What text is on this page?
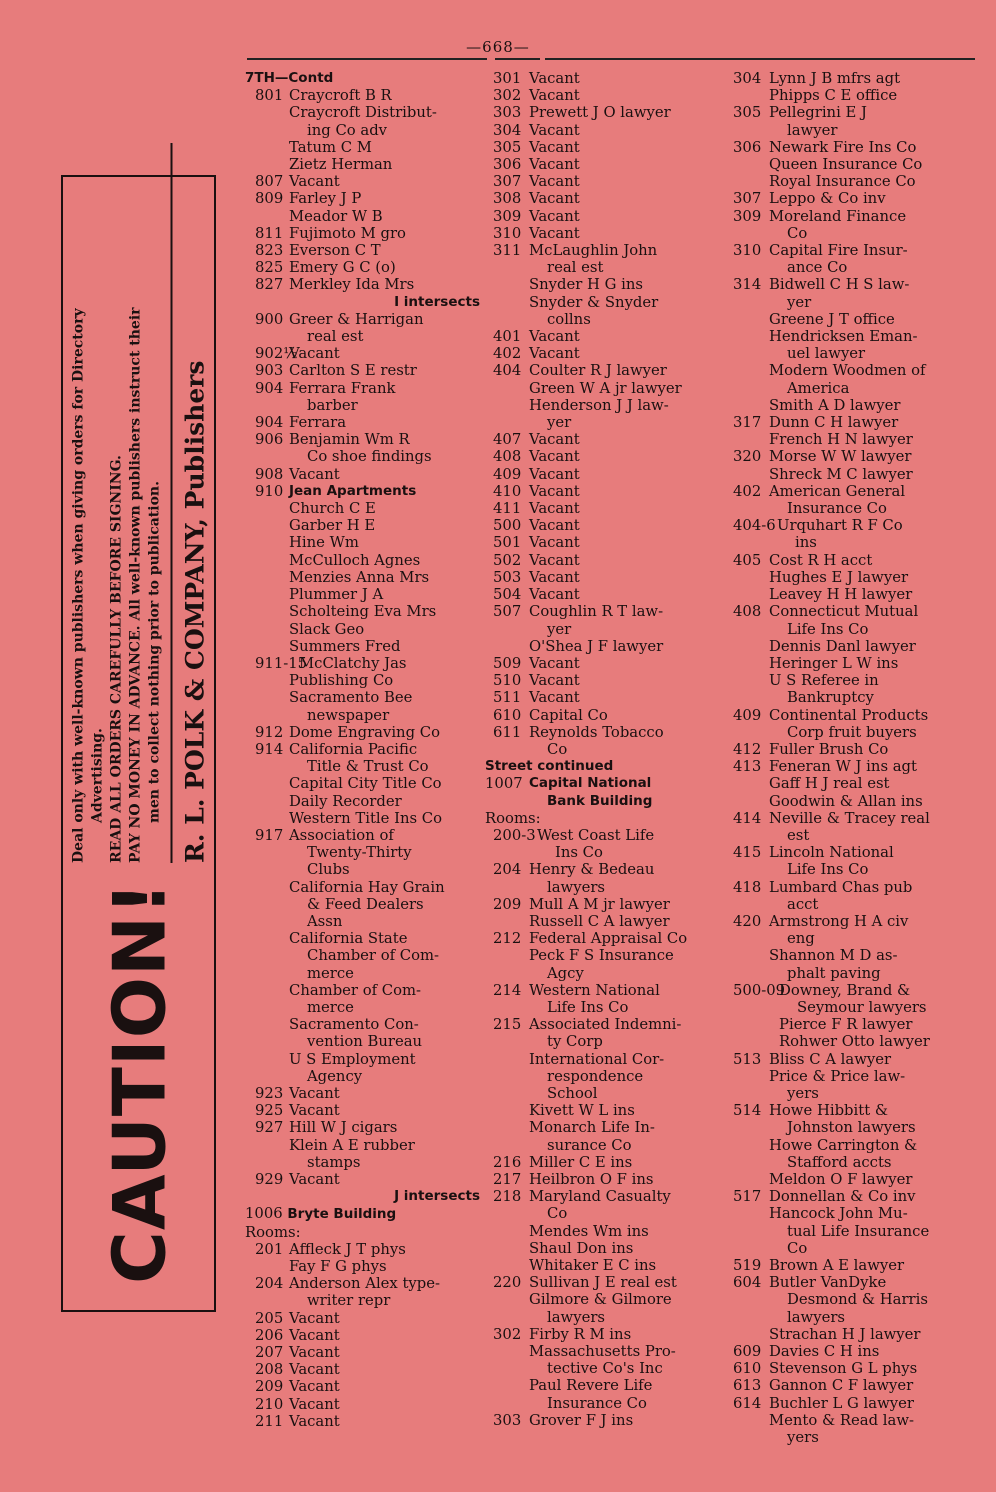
—668—
CAUTION!
Deal only with well-known publishers when giving orders for Directory Advertising. READ ALL ORDERS CAREFULLY BEFORE SIGNING. PAY NO MONEY IN ADVANCE. All well-known publishers instruct their men to collect nothing prior to publication. R. L. POLK & COMPANY, Publishers
7TH—Contd
801 Craycroft B R
Craycroft Distribut-
ing Co adv
Tatum C M
Zietz Herman
807 Vacant
809 Farley J P
Meador W B
811 Fujimoto M gro
823 Everson C T
825 Emery G C (o)
827 Merkley Ida Mrs
I intersects
900 Greer & Harrigan
real est
902½
Vacant
903 Carlton S E restr
904 Ferrara Frank
barber
904 Ferrara
906 Benjamin Wm R
Co shoe findings
908 Vacant
910 Jean Apartments
Church C E
Garber H E
Hine Wm
McCulloch Agnes
Menzies Anna Mrs
Plummer J A
Scholteing Eva Mrs
Slack Geo
Summers Fred
911-15
McClatchy Jas
Publishing Co
Sacramento Bee
newspaper
912 Dome Engraving Co
914 California Pacific
Title & Trust Co
Capital City Title Co
Daily Recorder
Western Title Ins Co
917 Association of
Twenty-Thirty
Clubs
California Hay Grain
& Feed Dealers
Assn
California State
Chamber of Com-
merce
Chamber of Com-
merce
Sacramento Con-
vention Bureau
U S Employment
Agency
923 Vacant
925 Vacant
927 Hill W J cigars
Klein A E rubber
stamps
929 Vacant
J intersects
1006 Bryte Building
Rooms:
201 Affleck J T phys
Fay F G phys
204 Anderson Alex type-
writer repr
205 Vacant
206 Vacant
207 Vacant
208 Vacant
209 Vacant
210 Vacant
211 Vacant
301 Vacant
302 Vacant
303 Prewett J O lawyer
304 Vacant
305 Vacant
306 Vacant
307 Vacant
308 Vacant
309 Vacant
310 Vacant
311 McLaughlin John
real est
Snyder H G ins
Snyder & Snyder
collns
401 Vacant
402 Vacant
404 Coulter R J lawyer
Green W A jr lawyer
Henderson J J law-
yer
407 Vacant
408 Vacant
409 Vacant
410 Vacant
411 Vacant
500 Vacant
501 Vacant
502 Vacant
503 Vacant
504 Vacant
507 Coughlin R T law-
yer
O'Shea J F lawyer
509 Vacant
510 Vacant
511 Vacant
610 Capital Co
611 Reynolds Tobacco
Co
Street continued
1007 Capital National
Bank Building
Rooms:
200-3 West Coast Life
Ins Co
204 Henry & Bedeau
lawyers
209 Mull A M jr lawyer
Russell C A lawyer
212 Federal Appraisal Co
Peck F S Insurance
Agcy
214 Western National
Life Ins Co
215 Associated Indemni-
ty Corp
International Cor-
respondence
School
Kivett W L ins
Monarch Life In-
surance Co
216 Miller C E ins
217 Heilbron O F ins
218 Maryland Casualty
Co
Mendes Wm ins
Shaul Don ins
Whitaker E C ins
220 Sullivan J E real est
Gilmore & Gilmore
lawyers
302 Firby R M ins
Massachusetts Pro-
tective Co's Inc
Paul Revere Life
Insurance Co
303 Grover F J ins
304 Lynn J B mfrs agt
Phipps C E office
305 Pellegrini E J
lawyer
306 Newark Fire Ins Co
Queen Insurance Co
Royal Insurance Co
307 Leppo & Co inv
309 Moreland Finance
Co
310 Capital Fire Insur-
ance Co
314 Bidwell C H S law-
yer
Greene J T office
Hendricksen Eman-
uel lawyer
Modern Woodmen of
America
Smith A D lawyer
317 Dunn C H lawyer
French H N lawyer
320 Morse W W lawyer
Shreck M C lawyer
402 American General
Insurance Co
404-6 Urquhart R F Co
ins
405 Cost R H acct
Hughes E J lawyer
Leavey H H lawyer
408 Connecticut Mutual
Life Ins Co
Dennis Danl lawyer
Heringer L W ins
U S Referee in
Bankruptcy
409 Continental Products
Corp fruit buyers
412 Fuller Brush Co
413 Feneran W J ins agt
Gaff H J real est
Goodwin & Allan ins
414 Neville & Tracey real
est
415 Lincoln National
Life Ins Co
418 Lumbard Chas pub
acct
420 Armstrong H A civ
eng
Shannon M D as-
phalt paving
500-09
Downey, Brand &
Seymour lawyers
Pierce F R lawyer
Rohwer Otto lawyer
513 Bliss C A lawyer
Price & Price law-
yers
514 Howe Hibbitt &
Johnston lawyers
Howe Carrington &
Stafford accts
Meldon O F lawyer
517 Donnellan & Co inv
Hancock John Mu-
tual Life Insurance
Co
519 Brown A E lawyer
604 Butler VanDyke
Desmond & Harris
lawyers
Strachan H J lawyer
609 Davies C H ins
610 Stevenson G L phys
613 Gannon C F lawyer
614 Buchler L G lawyer
Mento & Read law-
yers
